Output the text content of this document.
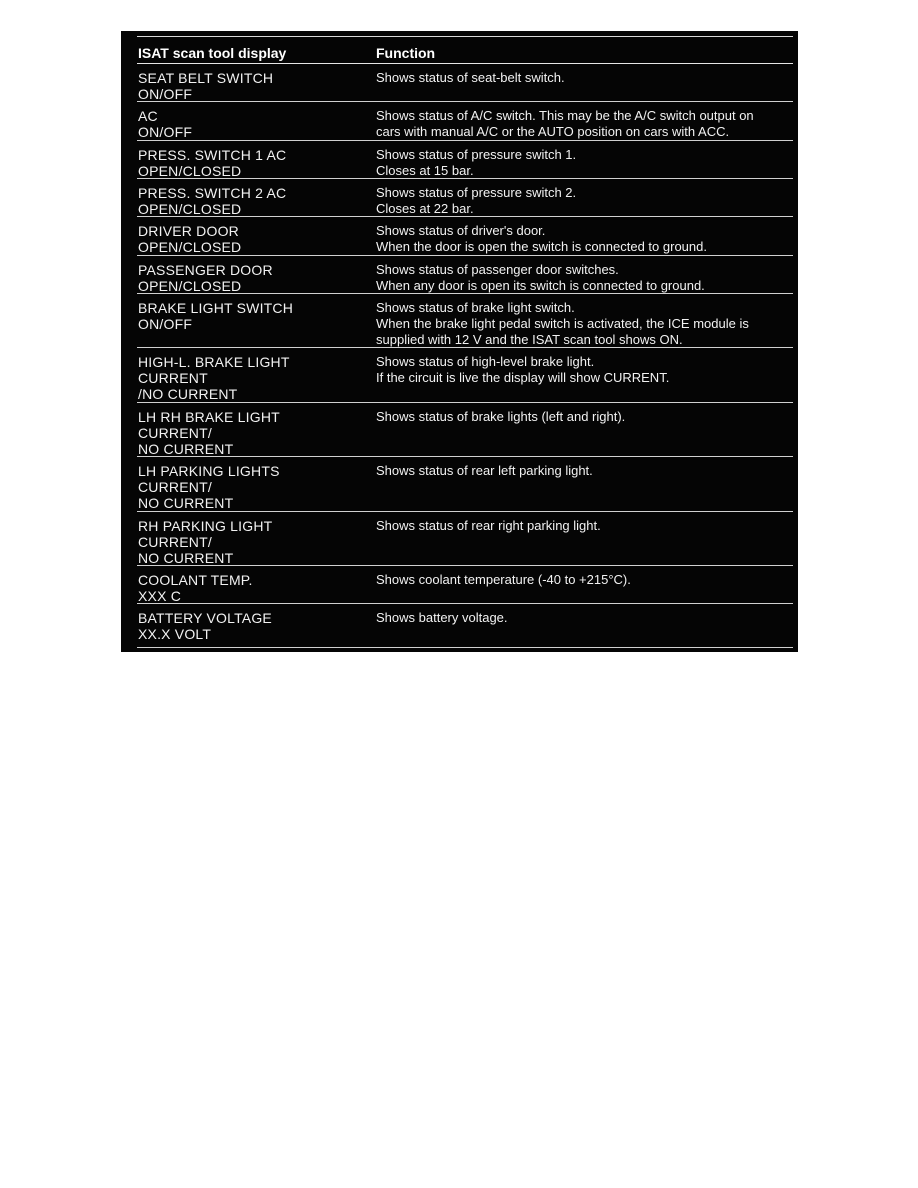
ISAT scan tool display	Function
SEAT BELT SWITCH
ON/OFF
Shows status of seat-belt switch.
AC
ON/OFF
Shows status of A/C switch. This may be the A/C switch output on
cars with manual A/C or the AUTO position on cars with ACC.
PRESS. SWITCH 1 AC
OPEN/CLOSED
Shows status of pressure switch 1.
Closes at 15 bar.
PRESS. SWITCH 2 AC
OPEN/CLOSED
Shows status of pressure switch 2.
Closes at 22 bar.
DRIVER DOOR
OPEN/CLOSED
Shows status of driver's door.
When the door is open the switch is connected to ground.
PASSENGER DOOR
OPEN/CLOSED
Shows status of passenger door switches.
When any door is open its switch is connected to ground.
BRAKE LIGHT SWITCH
ON/OFF
Shows status of brake light switch.
When the brake light pedal switch is activated, the ICE module is
supplied with 12 V and the ISAT scan tool shows ON.
HIGH-L. BRAKE LIGHT
CURRENT
/NO CURRENT
Shows status of high-level brake light.
If the circuit is live the display will show CURRENT.
LH RH BRAKE LIGHT
CURRENT/
NO CURRENT
Shows status of brake lights (left and right).
LH PARKING LIGHTS
CURRENT/
NO CURRENT
Shows status of rear left parking light.
RH PARKING LIGHT
CURRENT/
NO CURRENT
Shows status of rear right parking light.
COOLANT TEMP.
XXX C
Shows coolant temperature (-40 to +215°C).
BATTERY VOLTAGE
XX.X VOLT
Shows battery voltage.
